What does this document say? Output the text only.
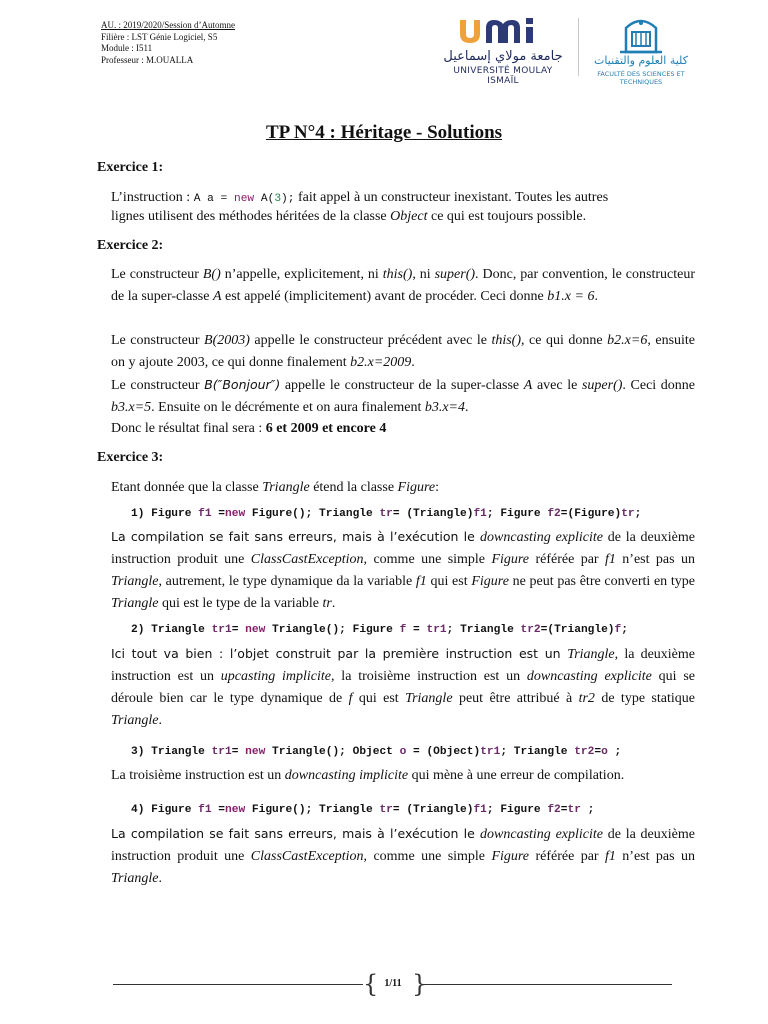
AU. : 2019/2020/Session d’Automne
Filière : LST Génie Logiciel, S5
Module : I511
Professeur : M.OUALLA	جامعة مولاي إسماعيل
UNIVERSITÉ MOULAY ISMAÏL
كلية العلوم والتقنيات
FACULTÉ DES SCIENCES ET TECHNIQUES
TP N°4 : Héritage - Solutions
Exercice 1:
L’instruction : A a = new A(3); fait appel à un constructeur inexistant. Toutes les autres
lignes utilisent des méthodes héritées de la classe Object ce qui est toujours possible.
Exercice 2:
Le constructeur B() n’appelle, explicitement, ni this(), ni super(). Donc, par convention, le constructeur de la super-classe A est appelé (implicitement) avant de procéder. Ceci donne b1.x = 6.
Le constructeur B(2003) appelle le constructeur précédent avec le this(), ce qui donne b2.x=6, ensuite on y ajoute 2003, ce qui donne finalement b2.x=2009.
Le constructeur B(″Bonjour″) appelle le constructeur de la super-classe A avec le super(). Ceci donne b3.x=5. Ensuite on le décrémente et on aura finalement b3.x=4.
Donc le résultat final sera : 6 et 2009 et encore 4
Exercice 3:
Etant donnée que la classe Triangle étend la classe Figure:
1) Figure f1 =new Figure(); Triangle tr= (Triangle)f1; Figure f2=(Figure)tr;
La compilation se fait sans erreurs, mais à l’exécution le downcasting explicite de la deuxième instruction produit une ClassCastException, comme une simple Figure référée par f1 n’est pas un Triangle, autrement, le type dynamique da la variable f1 qui est Figure ne peut pas être converti en type Triangle qui est le type de la variable tr.
2) Triangle tr1= new Triangle(); Figure f = tr1; Triangle tr2=(Triangle)f;
Ici tout va bien : l’objet construit par la première instruction est un Triangle, la deuxième instruction est un upcasting implicite, la troisième instruction est un downcasting explicite qui se déroule bien car le type dynamique de f qui est Triangle peut être attribué à tr2 de type statique Triangle.
3) Triangle tr1= new Triangle(); Object o = (Object)tr1; Triangle tr2=o ;
La troisième instruction est un downcasting implicite qui mène à une erreur de compilation.
4) Figure f1 =new Figure(); Triangle tr= (Triangle)f1; Figure f2=tr ;
La compilation se fait sans erreurs, mais à l’exécution le downcasting explicite de la deuxième instruction produit une ClassCastException, comme une simple Figure référée par f1 n’est pas un Triangle.
{ }
1/11
